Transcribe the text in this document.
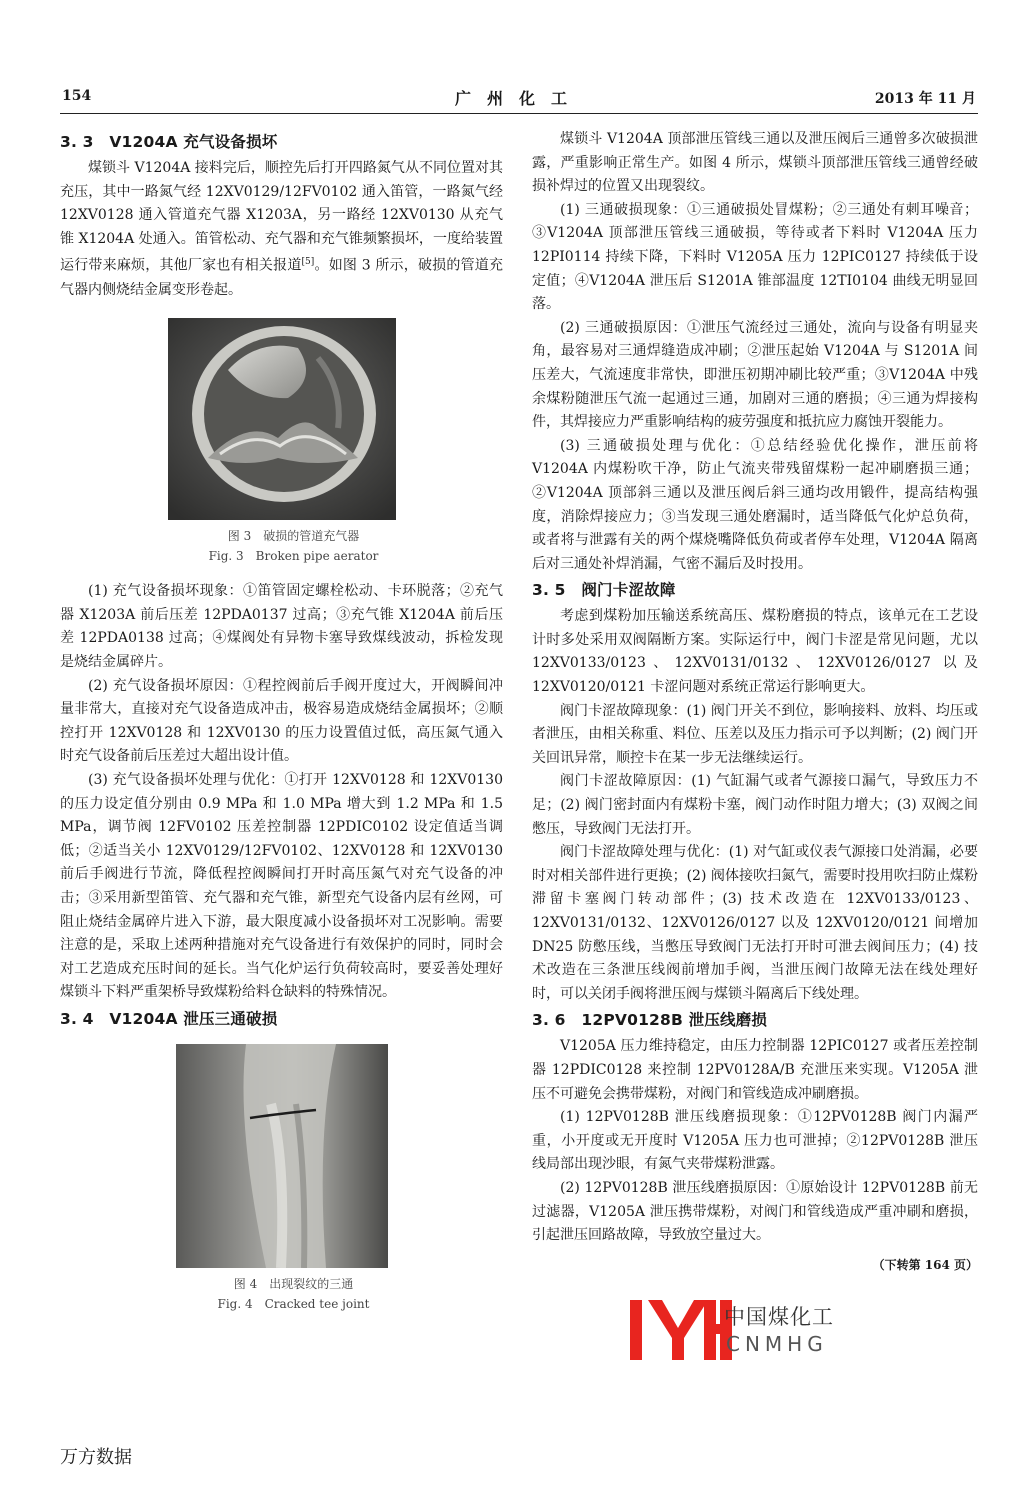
154	广　州　化　工	2013 年 11 月
3. 3　V1204A 充气设备损坏

煤锁斗 V1204A 接料完后，顺控先后打开四路氮气从不同位置对其充压，其中一路氮气经 12XV0129/12FV0102 通入笛管，一路氮气经 12XV0128 通入管道充气器 X1203A，另一路经 12XV0130 从充气锥 X1204A 处通入。笛管松动、充气器和充气锥频繁损坏，一度给装置运行带来麻烦，其他厂家也有相关报道[5]。如图 3 所示，破损的管道充气器内侧烧结金属变形卷起。

图 3　破损的管道充气器

Fig. 3　Broken pipe aerator

(1) 充气设备损坏现象：①笛管固定螺栓松动、卡环脱落；②充气器 X1203A 前后压差 12PDA0137 过高；③充气锥 X1204A 前后压差 12PDA0138 过高；④煤阀处有异物卡塞导致煤线波动，拆检发现是烧结金属碎片。

(2) 充气设备损坏原因：①程控阀前后手阀开度过大，开阀瞬间冲量非常大，直接对充气设备造成冲击，极容易造成烧结金属损坏；②顺控打开 12XV0128 和 12XV0130 的压力设置值过低，高压氮气通入时充气设备前后压差过大超出设计值。

(3) 充气设备损坏处理与优化：①打开 12XV0128 和 12XV0130 的压力设定值分别由 0.9 MPa 和 1.0 MPa 增大到 1.2 MPa 和 1.5 MPa，调节阀 12FV0102 压差控制器 12PDIC0102 设定值适当调低；②适当关小 12XV0129/12FV0102、12XV0128 和 12XV0130 前后手阀进行节流，降低程控阀瞬间打开时高压氮气对充气设备的冲击；③采用新型笛管、充气器和充气锥，新型充气设备内层有丝网，可阻止烧结金属碎片进入下游，最大限度减小设备损坏对工况影响。需要注意的是，采取上述两种措施对充气设备进行有效保护的同时，同时会对工艺造成充压时间的延长。当气化炉运行负荷较高时，要妥善处理好煤锁斗下料严重架桥导致煤粉给料仓缺料的特殊情况。

3. 4　V1204A 泄压三通破损

图 4　出现裂纹的三通

Fig. 4　Cracked tee joint

煤锁斗 V1204A 顶部泄压管线三通以及泄压阀后三通曾多次破损泄露，严重影响正常生产。如图 4 所示，煤锁斗顶部泄压管线三通曾经破损补焊过的位置又出现裂纹。

(1) 三通破损现象：①三通破损处冒煤粉；②三通处有刺耳噪音；③V1204A 顶部泄压管线三通破损，等待或者下料时 V1204A 压力 12PI0114 持续下降，下料时 V1205A 压力 12PIC0127 持续低于设定值；④V1204A 泄压后 S1201A 锥部温度 12TI0104 曲线无明显回落。

(2) 三通破损原因：①泄压气流经过三通处，流向与设备有明显夹角，最容易对三通焊缝造成冲刷；②泄压起始 V1204A 与 S1201A 间压差大，气流速度非常快，即泄压初期冲刷比较严重；③V1204A 中残余煤粉随泄压气流一起通过三通，加剧对三通的磨损；④三通为焊接构件，其焊接应力严重影响结构的疲劳强度和抵抗应力腐蚀开裂能力。

(3) 三通破损处理与优化：①总结经验优化操作，泄压前将 V1204A 内煤粉吹干净，防止气流夹带残留煤粉一起冲刷磨损三通；②V1204A 顶部斜三通以及泄压阀后斜三通均改用锻件，提高结构强度，消除焊接应力；③当发现三通处磨漏时，适当降低气化炉总负荷，或者将与泄露有关的两个煤烧嘴降低负荷或者停车处理，V1204A 隔离后对三通处补焊消漏，气密不漏后及时投用。

3. 5　阀门卡涩故障

考虑到煤粉加压输送系统高压、煤粉磨损的特点，该单元在工艺设计时多处采用双阀隔断方案。实际运行中，阀门卡涩是常见问题，尤以 12XV0133/0123、12XV0131/0132、12XV0126/0127 以及 12XV0120/0121 卡涩问题对系统正常运行影响更大。

阀门卡涩故障现象：(1) 阀门开关不到位，影响接料、放料、均压或者泄压，由相关称重、料位、压差以及压力指示可予以判断；(2) 阀门开关回讯异常，顺控卡在某一步无法继续运行。

阀门卡涩故障原因：(1) 气缸漏气或者气源接口漏气，导致压力不足；(2) 阀门密封面内有煤粉卡塞，阀门动作时阻力增大；(3) 双阀之间憋压，导致阀门无法打开。

阀门卡涩故障处理与优化：(1) 对气缸或仪表气源接口处消漏，必要时对相关部件进行更换；(2) 阀体接吹扫氮气，需要时投用吹扫防止煤粉滞留卡塞阀门转动部件；(3) 技术改造在 12XV0133/0123、12XV0131/0132、12XV0126/0127 以及 12XV0120/0121 间增加 DN25 防憋压线，当憋压导致阀门无法打开时可泄去阀间压力；(4) 技术改造在三条泄压线阀前增加手阀，当泄压阀门故障无法在线处理好时，可以关闭手阀将泄压阀与煤锁斗隔离后下线处理。

3. 6　12PV0128B 泄压线磨损

V1205A 压力维持稳定，由压力控制器 12PIC0127 或者压差控制器 12PDIC0128 来控制 12PV0128A/B 充泄压来实现。V1205A 泄压不可避免会携带煤粉，对阀门和管线造成冲刷磨损。

(1) 12PV0128B 泄压线磨损现象：①12PV0128B 阀门内漏严重，小开度或无开度时 V1205A 压力也可泄掉；②12PV0128B 泄压线局部出现沙眼，有氮气夹带煤粉泄露。

(2) 12PV0128B 泄压线磨损原因：①原始设计 12PV0128B 前无过滤器，V1205A 泄压携带煤粉，对阀门和管线造成严重冲刷和磨损，引起泄压回路故障，导致放空量过大。

（下转第 164 页）
中国煤化工
CNMHG
万方数据
